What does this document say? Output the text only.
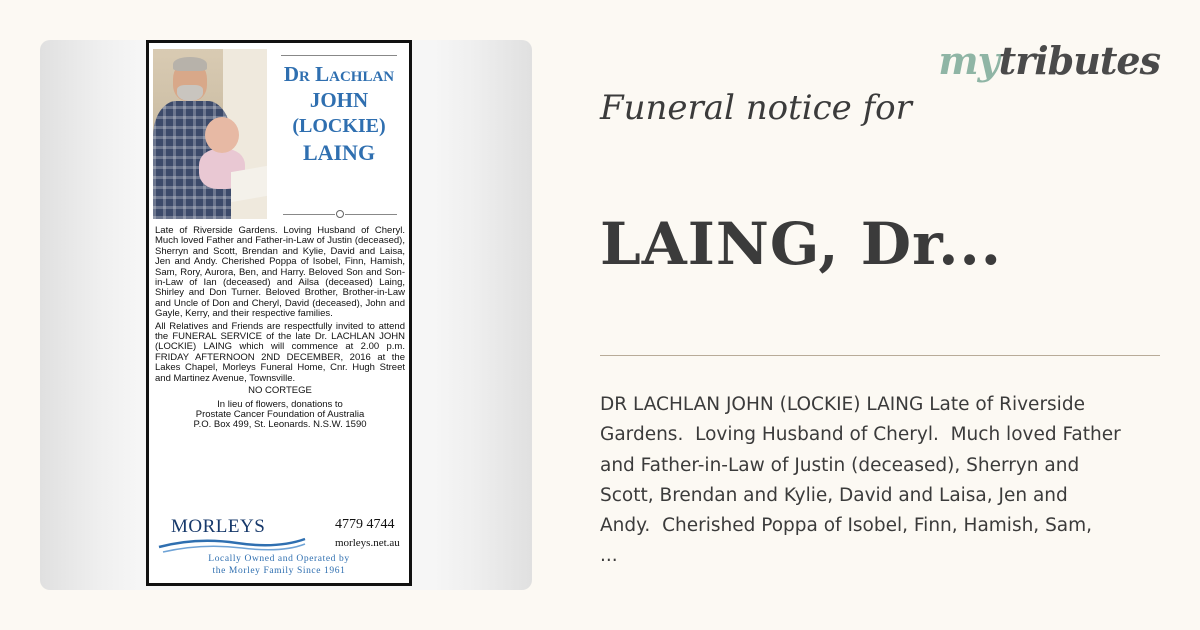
Dr Lachlan
JOHN
(LOCKIE)
LAING

Late of Riverside Gardens. Loving Husband of Cheryl. Much loved Father and Father-in-Law of Justin (deceased), Sherryn and Scott, Brendan and Kylie, David and Laisa, Jen and Andy. Cherished Poppa of Isobel, Finn, Hamish, Sam, Rory, Aurora, Ben, and Harry. Beloved Son and Son-in-Law of Ian (deceased) and Ailsa (deceased) Laing, Shirley and Don Turner. Beloved Brother, Brother-in-Law and Uncle of Don and Cheryl, David (deceased), John and Gayle, Kerry, and their respective families.

All Relatives and Friends are respectfully invited to attend the FUNERAL SERVICE of the late Dr. LACHLAN JOHN (LOCKIE) LAING which will commence at 2.00 p.m. FRIDAY AFTERNOON 2ND DECEMBER, 2016 at the Lakes Chapel, Morleys Funeral Home, Cnr. Hugh Street and Martinez Avenue, Townsville.

NO CORTEGE
In lieu of flowers, donations to
Prostate Cancer Foundation of Australia
P.O. Box 499, St. Leonards. N.S.W. 1590
MORLEYS	4779 4744
morleys.net.au
Locally Owned and Operated by
the Morley Family Since 1961
mytributes
Funeral notice for
LAING, Dr...
DR LACHLAN JOHN (LOCKIE) LAING Late of Riverside
Gardens.  Loving Husband of Cheryl.  Much loved Father
and Father-in-Law of Justin (deceased), Sherryn and
Scott, Brendan and Kylie, David and Laisa, Jen and
Andy.  Cherished Poppa of Isobel, Finn, Hamish, Sam,
...
